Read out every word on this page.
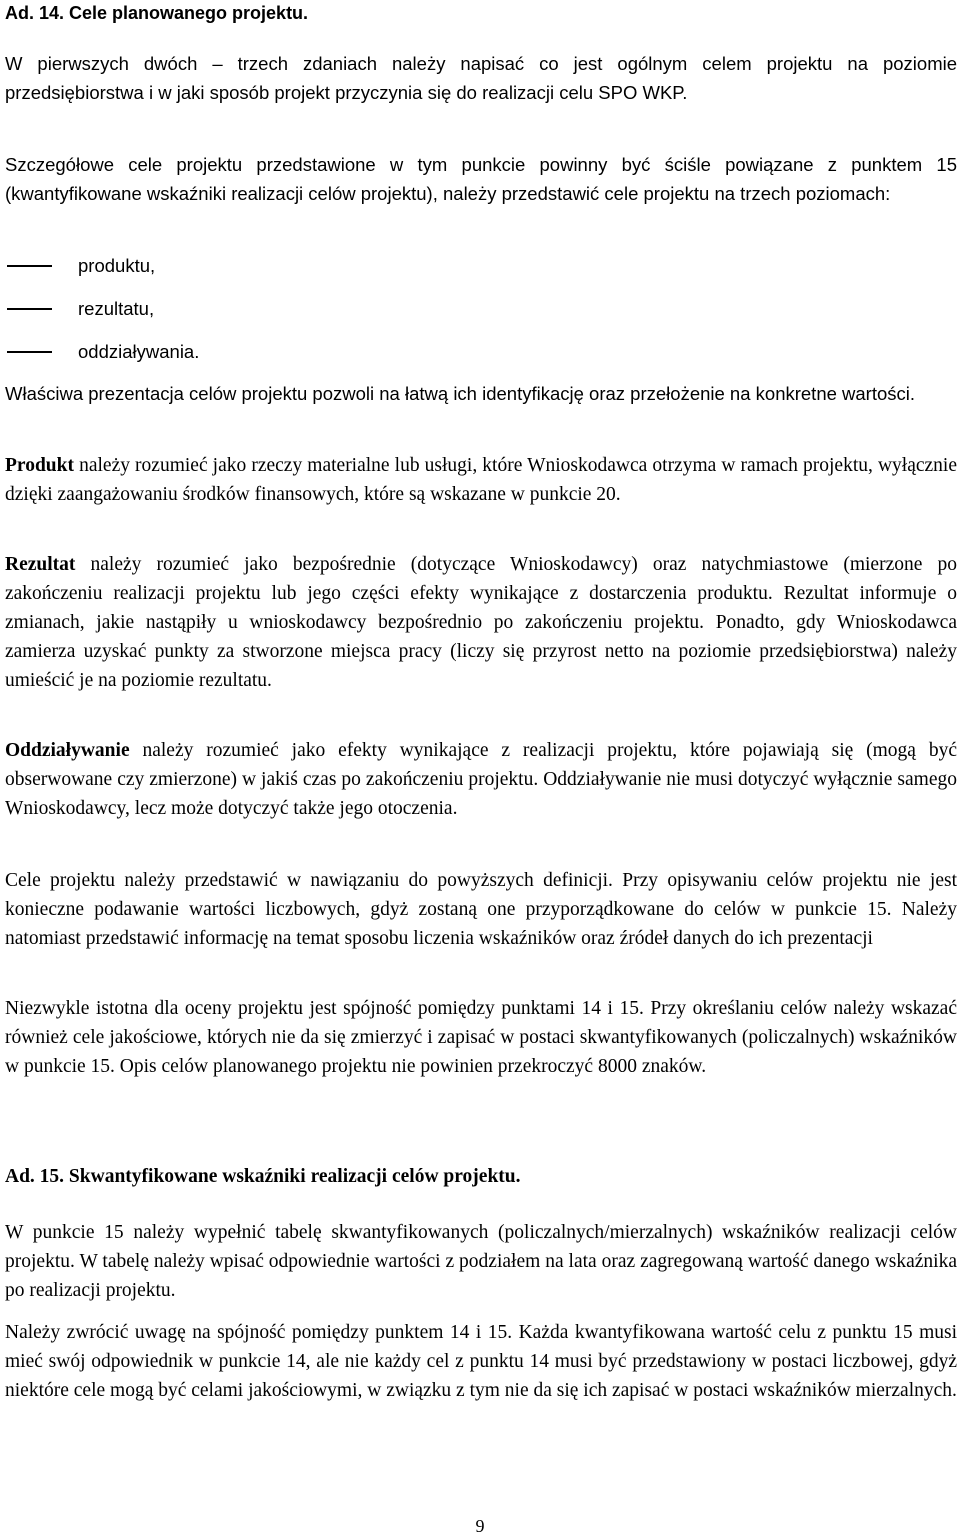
Ad. 14. Cele planowanego projektu.

W pierwszych dwóch – trzech zdaniach należy napisać co jest ogólnym celem projektu na poziomie przedsiębiorstwa i w jaki sposób projekt przyczynia się do realizacji celu SPO WKP.

Szczegółowe cele projektu przedstawione w tym punkcie powinny być ściśle powiązane z punktem 15 (kwantyfikowane wskaźniki realizacji celów projektu), należy przedstawić cele projektu na trzech poziomach:

produktu,
rezultatu,
oddziaływania.

Właściwa prezentacja celów projektu pozwoli na łatwą ich identyfikację oraz przełożenie na konkretne wartości.

Produkt należy rozumieć jako rzeczy materialne lub usługi, które Wnioskodawca otrzyma w ramach projektu, wyłącznie dzięki zaangażowaniu środków finansowych, które są wskazane w punkcie 20.

Rezultat należy rozumieć jako bezpośrednie (dotyczące Wnioskodawcy) oraz natychmiastowe (mierzone po zakończeniu realizacji projektu lub jego części efekty wynikające z dostarczenia produktu. Rezultat informuje o zmianach, jakie nastąpiły u wnioskodawcy bezpośrednio po zakończeniu projektu. Ponadto, gdy Wnioskodawca zamierza uzyskać punkty za stworzone miejsca pracy (liczy się przyrost netto na poziomie przedsiębiorstwa) należy umieścić je na poziomie rezultatu.

Oddziaływanie należy rozumieć jako efekty wynikające z realizacji projektu, które pojawiają się (mogą być obserwowane czy zmierzone) w jakiś czas po zakończeniu projektu. Oddziaływanie nie musi dotyczyć wyłącznie samego Wnioskodawcy, lecz może dotyczyć także jego otoczenia.

Cele projektu należy przedstawić w nawiązaniu do powyższych definicji. Przy opisywaniu celów projektu nie jest konieczne podawanie wartości liczbowych, gdyż zostaną one przyporządkowane do celów w punkcie 15. Należy natomiast przedstawić informację na temat sposobu liczenia wskaźników oraz źródeł danych do ich prezentacji

Niezwykle istotna dla oceny projektu jest spójność pomiędzy punktami 14 i 15. Przy określaniu celów należy wskazać również cele jakościowe, których nie da się zmierzyć i zapisać w postaci skwantyfikowanych (policzalnych) wskaźników w punkcie 15. Opis celów planowanego projektu nie powinien przekroczyć 8000 znaków.

Ad. 15. Skwantyfikowane wskaźniki realizacji celów projektu.

W punkcie 15 należy wypełnić tabelę skwantyfikowanych (policzalnych/mierzalnych) wskaźników realizacji celów projektu. W tabelę należy wpisać odpowiednie wartości z podziałem na lata oraz zagregowaną wartość danego wskaźnika po realizacji projektu.

Należy zwrócić uwagę na spójność pomiędzy punktem 14 i 15. Każda kwantyfikowana wartość celu z punktu 15 musi mieć swój odpowiednik w punkcie 14, ale nie każdy cel z punktu 14 musi być przedstawiony w postaci liczbowej, gdyż niektóre cele mogą być celami jakościowymi, w związku z tym nie da się ich zapisać w postaci wskaźników mierzalnych.

9
